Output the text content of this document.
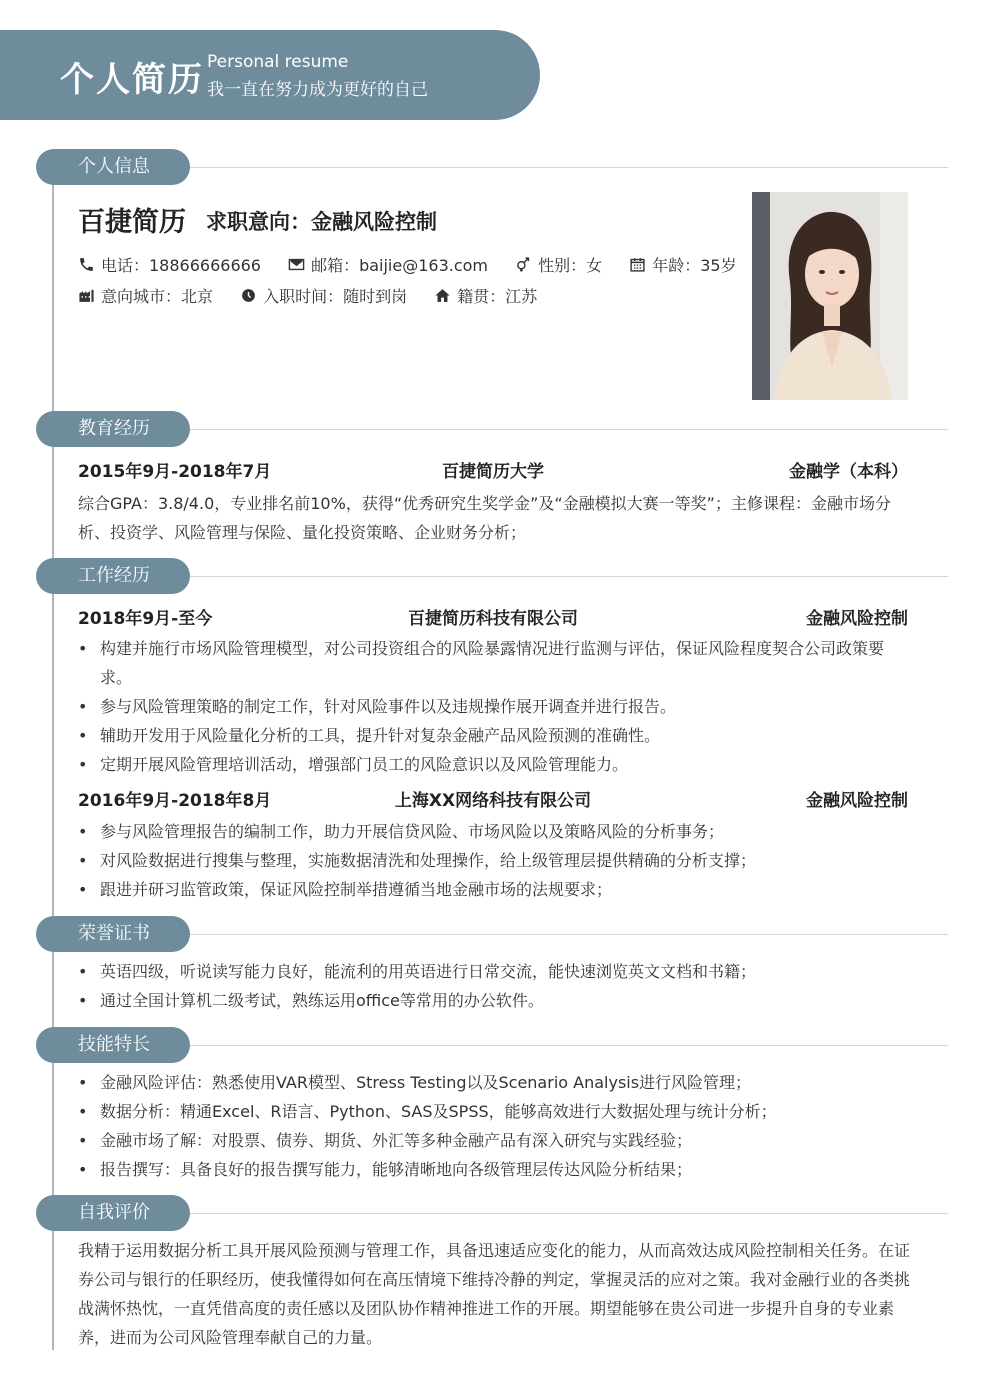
个人简历 Personal resume
我一直在努力成为更好的自己
个人信息
百捷简历 求职意向：金融风险控制
电话：18866666666
	邮箱：baijie@163.com
	性别：女
	年龄：35岁
意向城市：北京
	入职时间：随时到岗
	籍贯：江苏
教育经历
2015年9月-2018年7月	百捷简历大学	金融学（本科）
综合GPA：3.8/4.0，专业排名前10%，获得“优秀研究生奖学金”及“金融模拟大赛一等奖”；主修课程：金融市场分析、投资学、风险管理与保险、量化投资策略、企业财务分析；
工作经历
2018年9月-至今	百捷简历科技有限公司	金融风险控制
• 构建并施行市场风险管理模型，对公司投资组合的风险暴露情况进行监测与评估，保证风险程度契合公司政策要求。
• 参与风险管理策略的制定工作，针对风险事件以及违规操作展开调查并进行报告。
• 辅助开发用于风险量化分析的工具，提升针对复杂金融产品风险预测的准确性。
• 定期开展风险管理培训活动，增强部门员工的风险意识以及风险管理能力。
2016年9月-2018年8月	上海XX网络科技有限公司	金融风险控制
• 参与风险管理报告的编制工作，助力开展信贷风险、市场风险以及策略风险的分析事务；
• 对风险数据进行搜集与整理，实施数据清洗和处理操作，给上级管理层提供精确的分析支撑；
• 跟进并研习监管政策，保证风险控制举措遵循当地金融市场的法规要求；
荣誉证书
• 英语四级，听说读写能力良好，能流利的用英语进行日常交流，能快速浏览英文文档和书籍；
• 通过全国计算机二级考试，熟练运用office等常用的办公软件。
技能特长
• 金融风险评估：熟悉使用VAR模型、Stress Testing以及Scenario Analysis进行风险管理；
• 数据分析：精通Excel、R语言、Python、SAS及SPSS，能够高效进行大数据处理与统计分析；
• 金融市场了解：对股票、债券、期货、外汇等多种金融产品有深入研究与实践经验；
• 报告撰写：具备良好的报告撰写能力，能够清晰地向各级管理层传达风险分析结果；
自我评价
我精于运用数据分析工具开展风险预测与管理工作，具备迅速适应变化的能力，从而高效达成风险控制相关任务。在证券公司与银行的任职经历，使我懂得如何在高压情境下维持冷静的判定，掌握灵活的应对之策。我对金融行业的各类挑战满怀热忱，一直凭借高度的责任感以及团队协作精神推进工作的开展。期望能够在贵公司进一步提升自身的专业素养，进而为公司风险管理奉献自己的力量。
